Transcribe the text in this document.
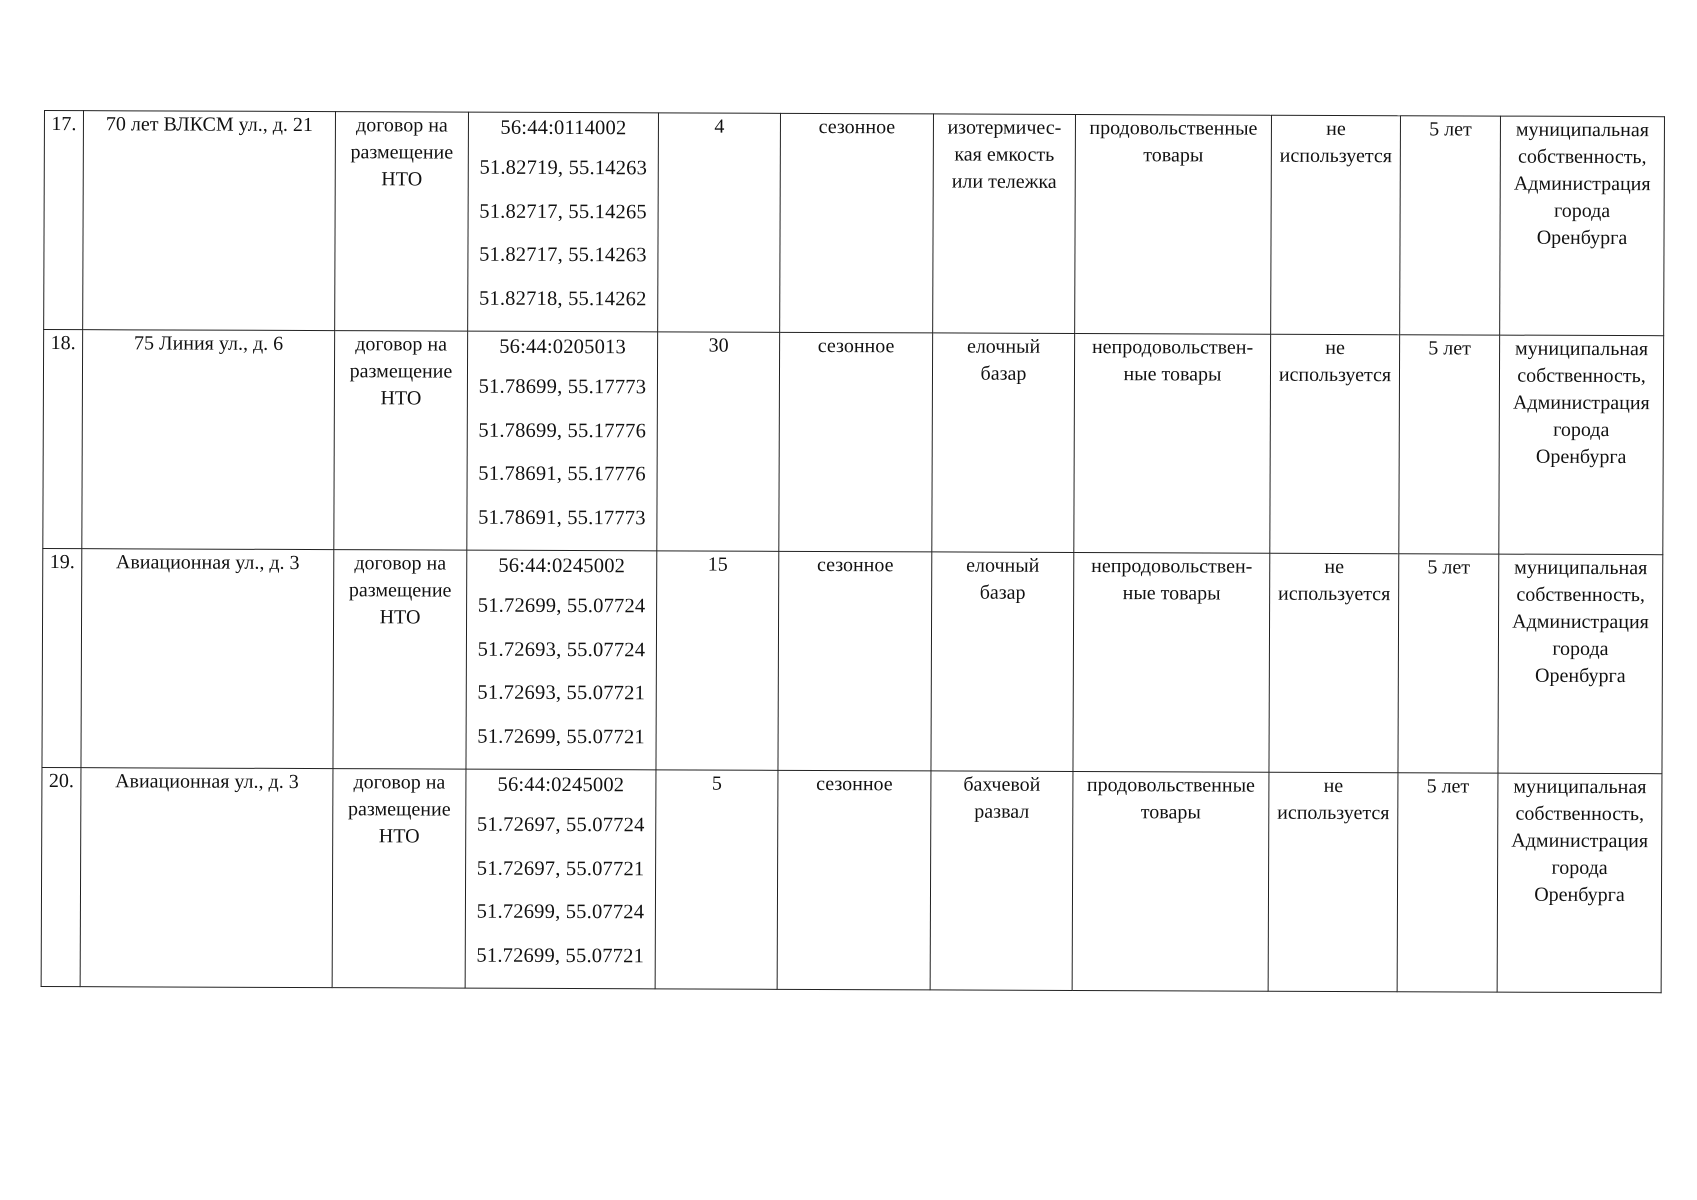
17.	70 лет ВЛКСМ ул., д. 21	договор на
размещение
НТО	56:44:0114002
51.82719, 55.14263
51.82717, 55.14265
51.82717, 55.14263
51.82718, 55.14262	4	сезонное	изотермичес-
кая емкость
или тележка	продовольственные
товары	не
используется	5 лет	муниципальная
собственность,
Администрация
города
Оренбурга

18.	75 Линия ул., д. 6	договор на
размещение
НТО	56:44:0205013
51.78699, 55.17773
51.78699, 55.17776
51.78691, 55.17776
51.78691, 55.17773	30	сезонное	елочный
базар	непродовольствен-
ные товары	не
используется	5 лет	муниципальная
собственность,
Администрация
города
Оренбурга

19.	Авиационная ул., д. 3	договор на
размещение
НТО	56:44:0245002
51.72699, 55.07724
51.72693, 55.07724
51.72693, 55.07721
51.72699, 55.07721	15	сезонное	елочный
базар	непродовольствен-
ные товары	не
используется	5 лет	муниципальная
собственность,
Администрация
города
Оренбурга

20.	Авиационная ул., д. 3	договор на
размещение
НТО	56:44:0245002
51.72697, 55.07724
51.72697, 55.07721
51.72699, 55.07724
51.72699, 55.07721	5	сезонное	бахчевой
развал	продовольственные
товары	не
используется	5 лет	муниципальная
собственность,
Администрация
города
Оренбурга
